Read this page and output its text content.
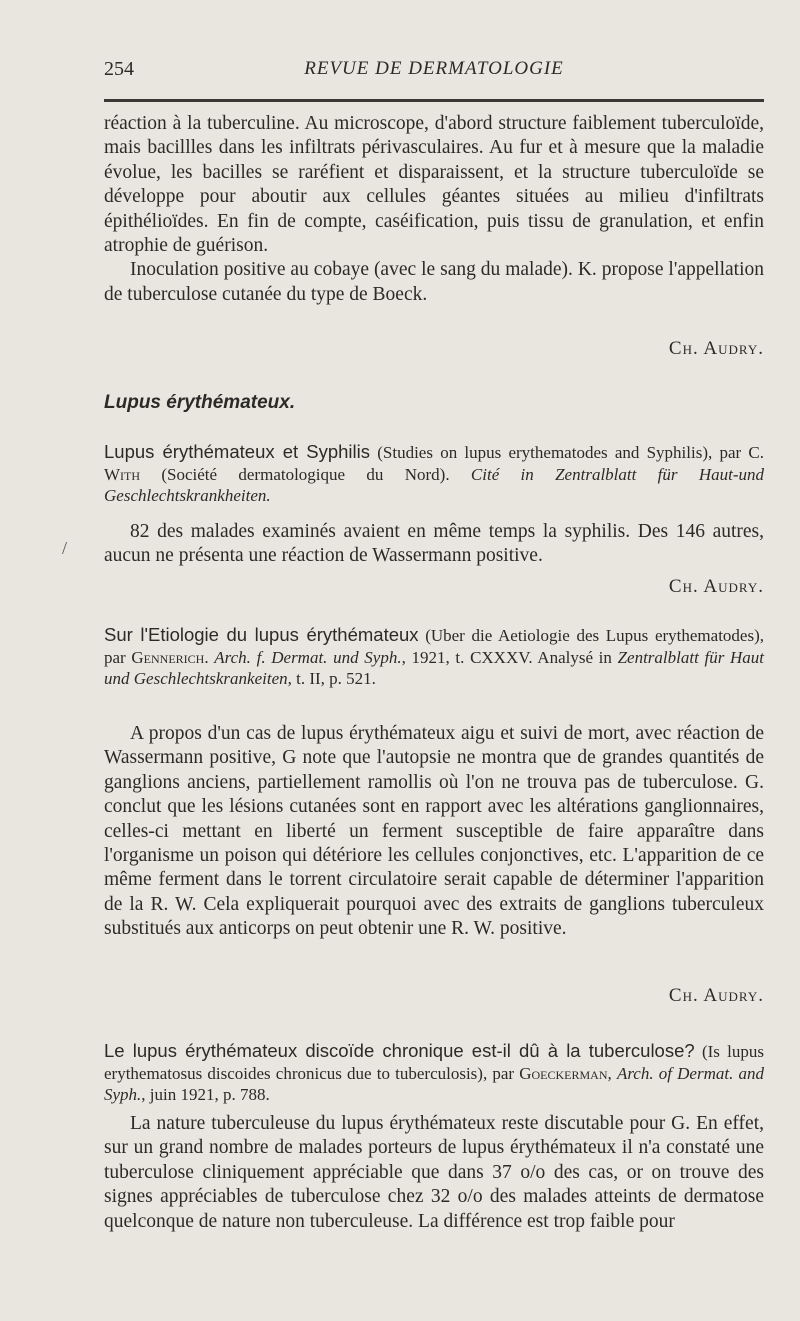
254	REVUE DE DERMATOLOGIE

réaction à la tuberculine. Au microscope, d'abord structure faiblement tuberculoïde, mais bacillles dans les infiltrats périvasculaires. Au fur et à mesure que la maladie évolue, les bacilles se raréfient et disparaissent, et la structure tuberculoïde se développe pour aboutir aux cellules géantes situées au milieu d'infiltrats épithélioïdes. En fin de compte, caséification, puis tissu de granulation, et enfin atrophie de guérison.

Inoculation positive au cobaye (avec le sang du malade). K. propose l'appellation de tuberculose cutanée du type de Boeck.

Ch. Audry.
Lupus érythémateux.
Lupus érythémateux et Syphilis (Studies on lupus erythematodes and Syphilis), par C. With (Société dermatologique du Nord). Cité in Zentralblatt für Haut-und Geschlechtskrankheiten.

82 des malades examinés avaient en même temps la syphilis. Des 146 autres, aucun ne présenta une réaction de Wassermann positive.

/
Ch. Audry.
Sur l'Etiologie du lupus érythémateux (Uber die Aetiologie des Lupus erythematodes), par Gennerich. Arch. f. Dermat. und Syph., 1921, t. CXXXV. Analysé in Zentralblatt für Haut und Geschlechtskrankeiten, t. II, p. 521.

A propos d'un cas de lupus érythémateux aigu et suivi de mort, avec réaction de Wassermann positive, G note que l'autopsie ne montra que de grandes quantités de ganglions anciens, partiellement ramollis où l'on ne trouva pas de tuberculose. G. conclut que les lésions cutanées sont en rapport avec les altérations ganglionnaires, celles-ci mettant en liberté un ferment susceptible de faire apparaître dans l'organisme un poison qui détériore les cellules conjonctives, etc. L'apparition de ce même ferment dans le torrent circulatoire serait capable de déterminer l'apparition de la R. W. Cela expliquerait pourquoi avec des extraits de ganglions tuberculeux substitués aux anticorps on peut obtenir une R. W. positive.

Ch. Audry.
Le lupus érythémateux discoïde chronique est-il dû à la tuberculose? (Is lupus erythematosus discoides chronicus due to tuberculosis), par Goeckerman, Arch. of Dermat. and Syph., juin 1921, p. 788.

La nature tuberculeuse du lupus érythémateux reste discutable pour G. En effet, sur un grand nombre de malades porteurs de lupus érythémateux il n'a constaté une tuberculose cliniquement appréciable que dans 37 o/o des cas, or on trouve des signes appréciables de tuberculose chez 32 o/o des malades atteints de dermatose quelconque de nature non tuberculeuse. La différence est trop faible pour
